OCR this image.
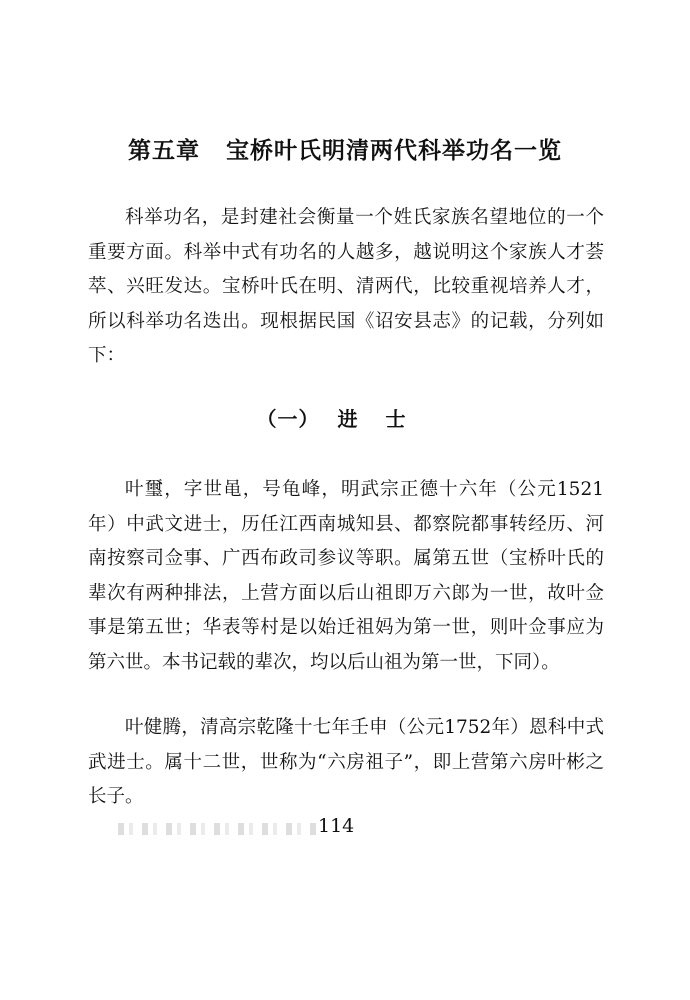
第五章 宝桥叶氏明清两代科举功名一览

科举功名，是封建社会衡量一个姓氏家族名望地位的一个重要方面。科举中式有功名的人越多，越说明这个家族人才荟萃、兴旺发达。宝桥叶氏在明、清两代，比较重视培养人才，所以科举功名迭出。现根据民国《诏安县志》的记载，分列如下：

（一） 进士

叶璽，字世黾，号龟峰，明武宗正德十六年（公元1521年）中武文进士，历任江西南城知县、都察院都事转经历、河南按察司佥事、广西布政司参议等职。属第五世（宝桥叶氏的辈次有两种排法，上营方面以后山祖即万六郎为一世，故叶佥事是第五世；华表等村是以始迁祖妈为第一世，则叶佥事应为第六世。本书记载的辈次，均以后山祖为第一世，下同）。

叶健腾，清高宗乾隆十七年壬申（公元1752年）恩科中式武进士。属十二世，世称为“六房祖子”，即上营第六房叶彬之长子。

114
